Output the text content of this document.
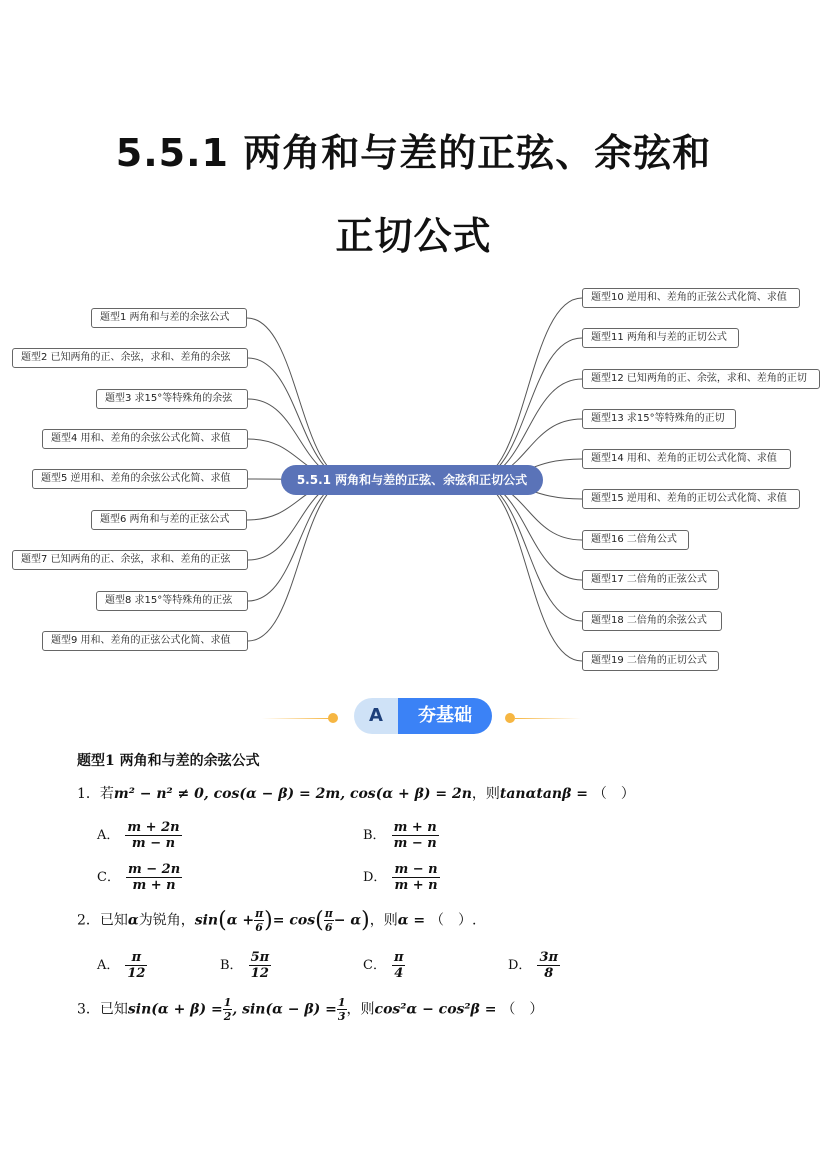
5.5.1 两角和与差的正弦、余弦和
正切公式
题型1 两角和与差的余弦公式
题型2 已知两角的正、余弦，求和、差角的余弦
题型3 求15°等特殊角的余弦
题型4 用和、差角的余弦公式化简、求值
题型5 逆用和、差角的余弦公式化简、求值
题型6 两角和与差的正弦公式
题型7 已知两角的正、余弦，求和、差角的正弦
题型8 求15°等特殊角的正弦
题型9 用和、差角的正弦公式化简、求值
题型10 逆用和、差角的正弦公式化简、求值
题型11 两角和与差的正切公式
题型12 已知两角的正、余弦，求和、差角的正切
题型13 求15°等特殊角的正切
题型14 用和、差角的正切公式化简、求值
题型15 逆用和、差角的正切公式化简、求值
题型16 二倍角公式
题型17 二倍角的正弦公式
题型18 二倍角的余弦公式
题型19 二倍角的正切公式
5.5.1 两角和与差的正弦、余弦和正切公式
A	夯基础
题型1 两角和与差的余弦公式
1．若m² − n² ≠ 0, cos(α − β) = 2m, cos(α + β) = 2n，则tanαtanβ = （　）
A． $\frac{m + 2n}{m - n}$	B． $\frac{m + n}{m - n}$
C． $\frac{m - 2n}{m + n}$	D． $\frac{m - n}{m + n}$
2．已知α为锐角，$\sin(\alpha + \frac{\pi}{6}$ )= $\cos( \frac{\pi}{6} - \alpha)$，则α = （　）.
A． $\frac{\pi}{12}$	B． $\frac{5\pi}{12}$	C． $\frac{\pi}{4}$	D． $\frac{3\pi}{8}$
3．已知$\sin(\alpha + \beta) = \frac{1}{2}$ , $\sin(\alpha - \beta) = \frac{1}{3}$ ，则cos²α − cos²β = （　）
